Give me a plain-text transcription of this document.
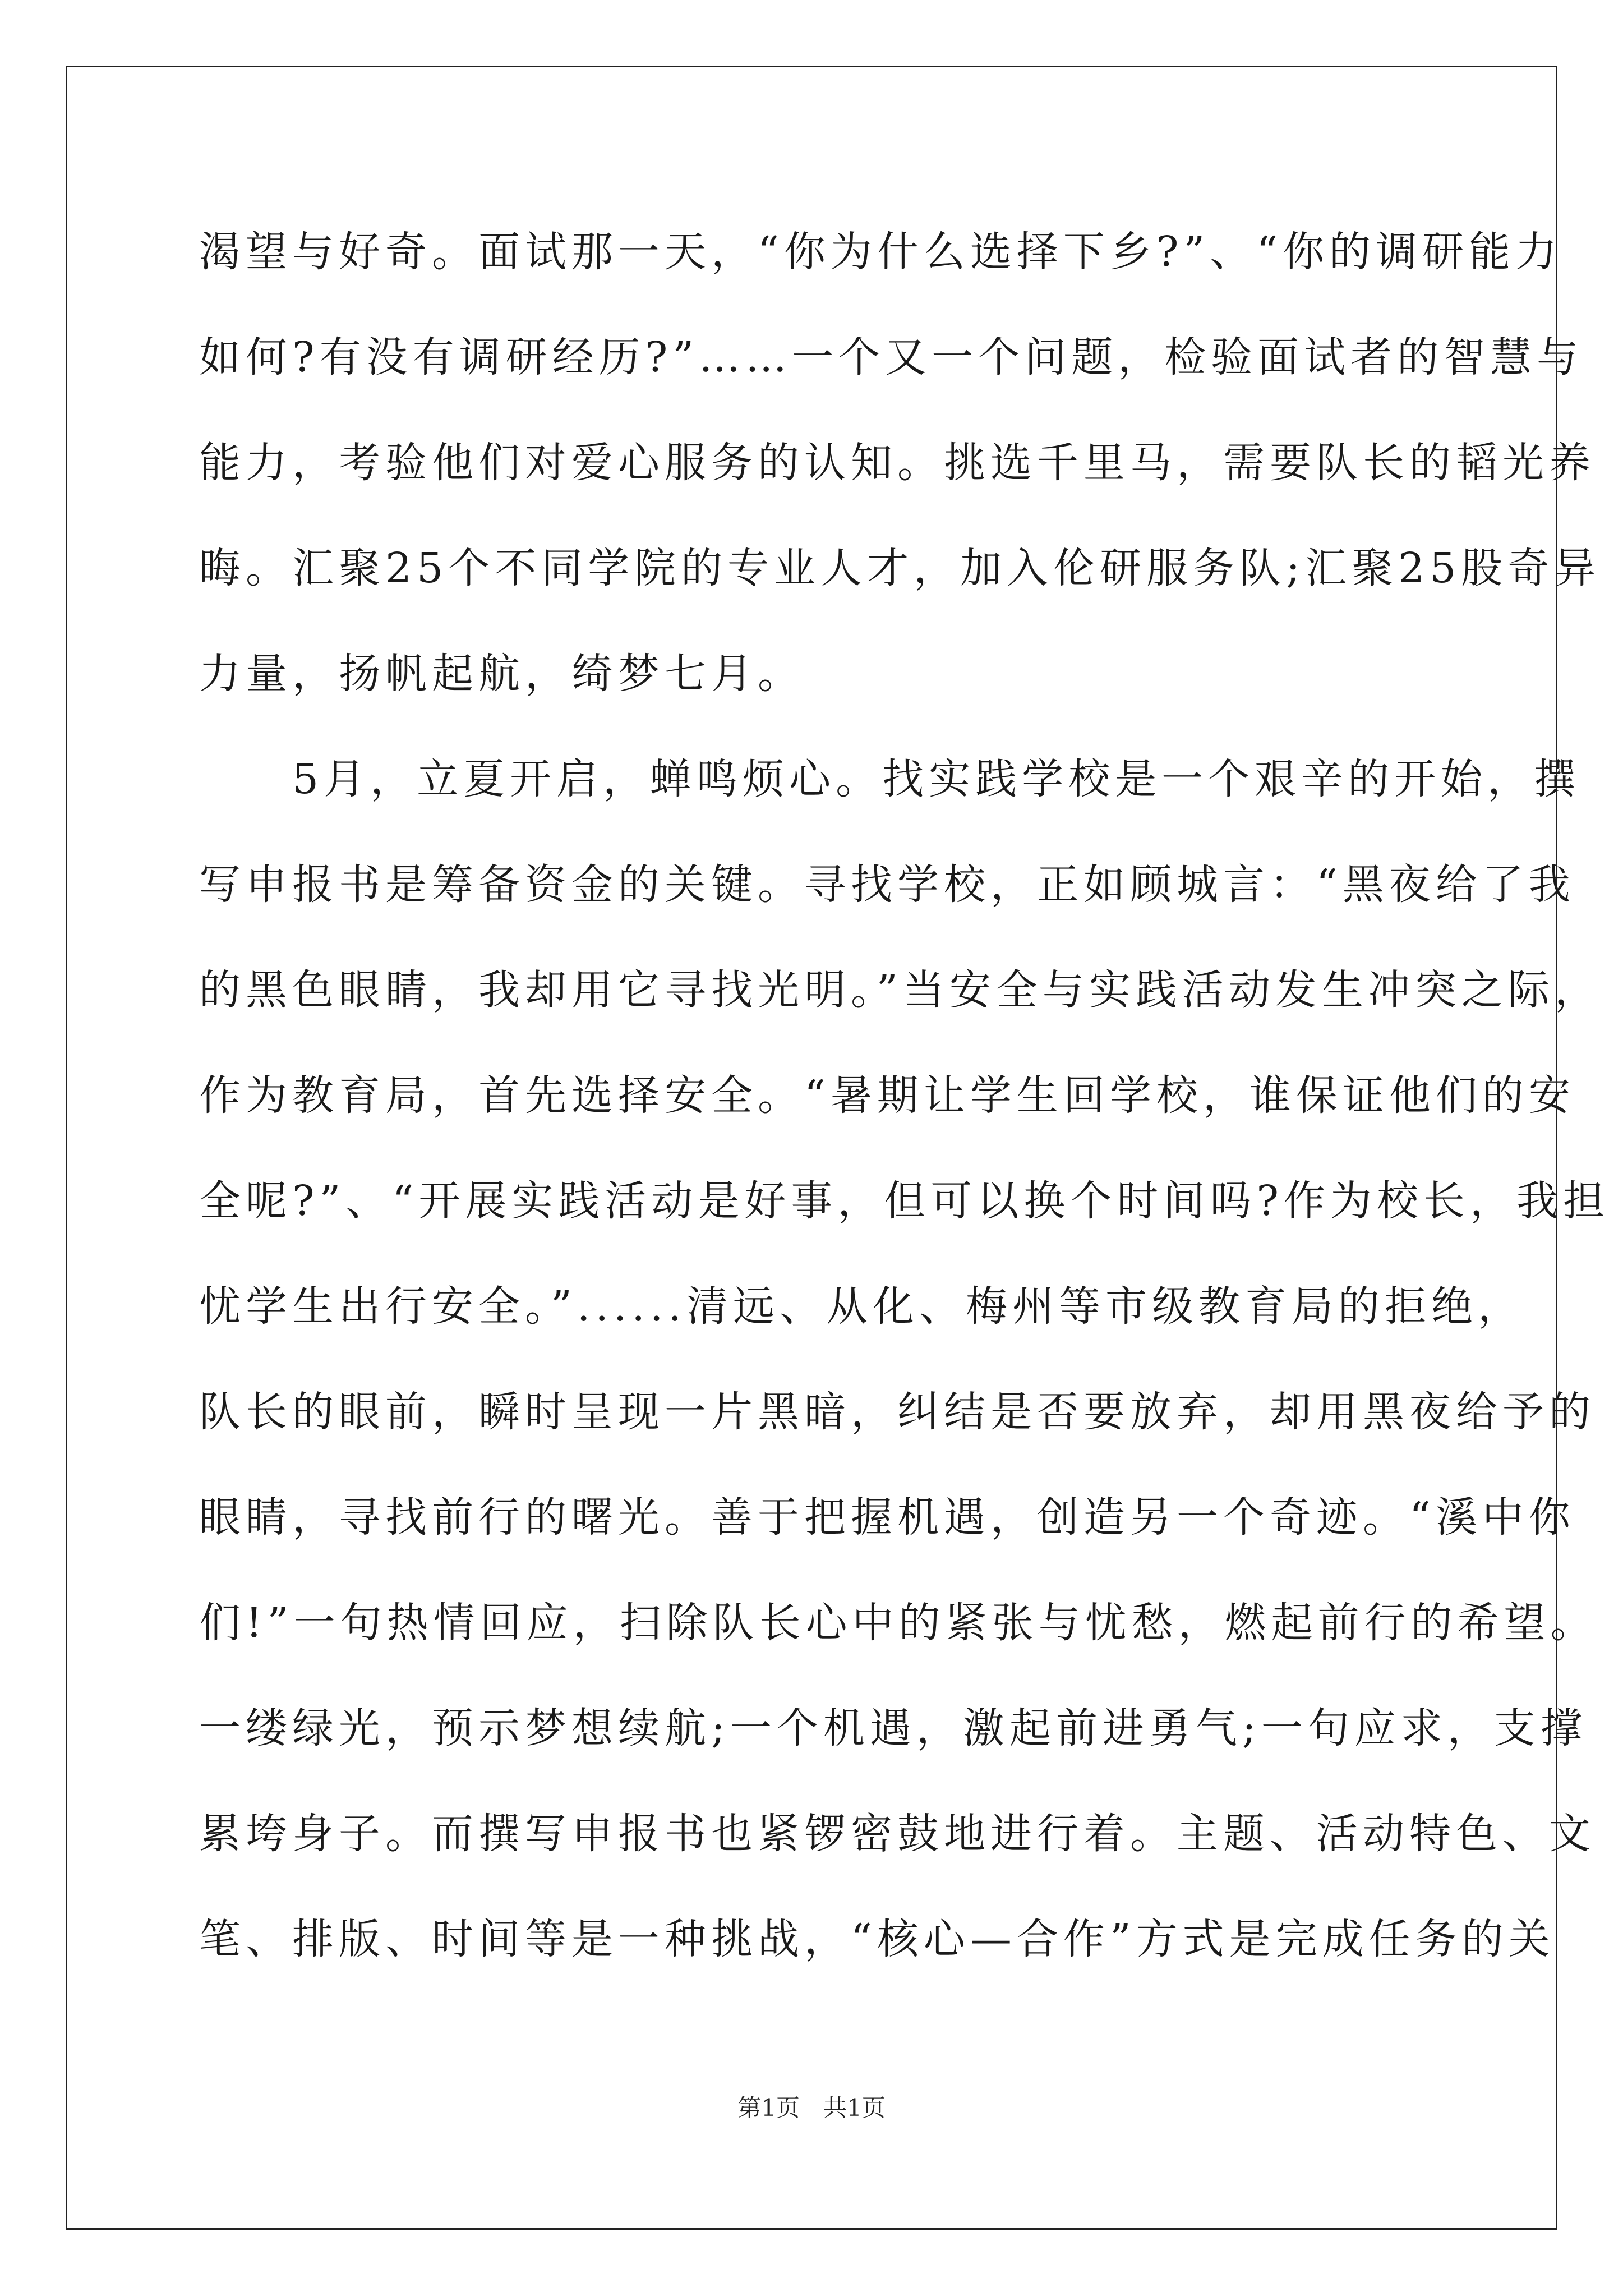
渴望与好奇。面试那一天，“你为什么选择下乡?”、“你的调研能力
如何?有没有调研经历?”……一个又一个问题，检验面试者的智慧与
能力，考验他们对爱心服务的认知。挑选千里马，需要队长的韬光养
晦。汇聚25个不同学院的专业人才，加入伦研服务队;汇聚25股奇异
力量，扬帆起航，绮梦七月。
　　5月，立夏开启，蝉鸣烦心。找实践学校是一个艰辛的开始，撰
写申报书是筹备资金的关键。寻找学校，正如顾城言：“黑夜给了我
的黑色眼睛，我却用它寻找光明。”当安全与实践活动发生冲突之际，
作为教育局，首先选择安全。“暑期让学生回学校，谁保证他们的安
全呢?”、“开展实践活动是好事，但可以换个时间吗?作为校长，我担
忧学生出行安全。”......清远、从化、梅州等市级教育局的拒绝，
队长的眼前，瞬时呈现一片黑暗，纠结是否要放弃，却用黑夜给予的
眼睛，寻找前行的曙光。善于把握机遇，创造另一个奇迹。“溪中你
们!”一句热情回应，扫除队长心中的紧张与忧愁，燃起前行的希望。
一缕绿光，预示梦想续航;一个机遇，激起前进勇气;一句应求，支撑
累垮身子。而撰写申报书也紧锣密鼓地进行着。主题、活动特色、文
笔、排版、时间等是一种挑战，“核心—合作”方式是完成任务的关
第1页　共1页
